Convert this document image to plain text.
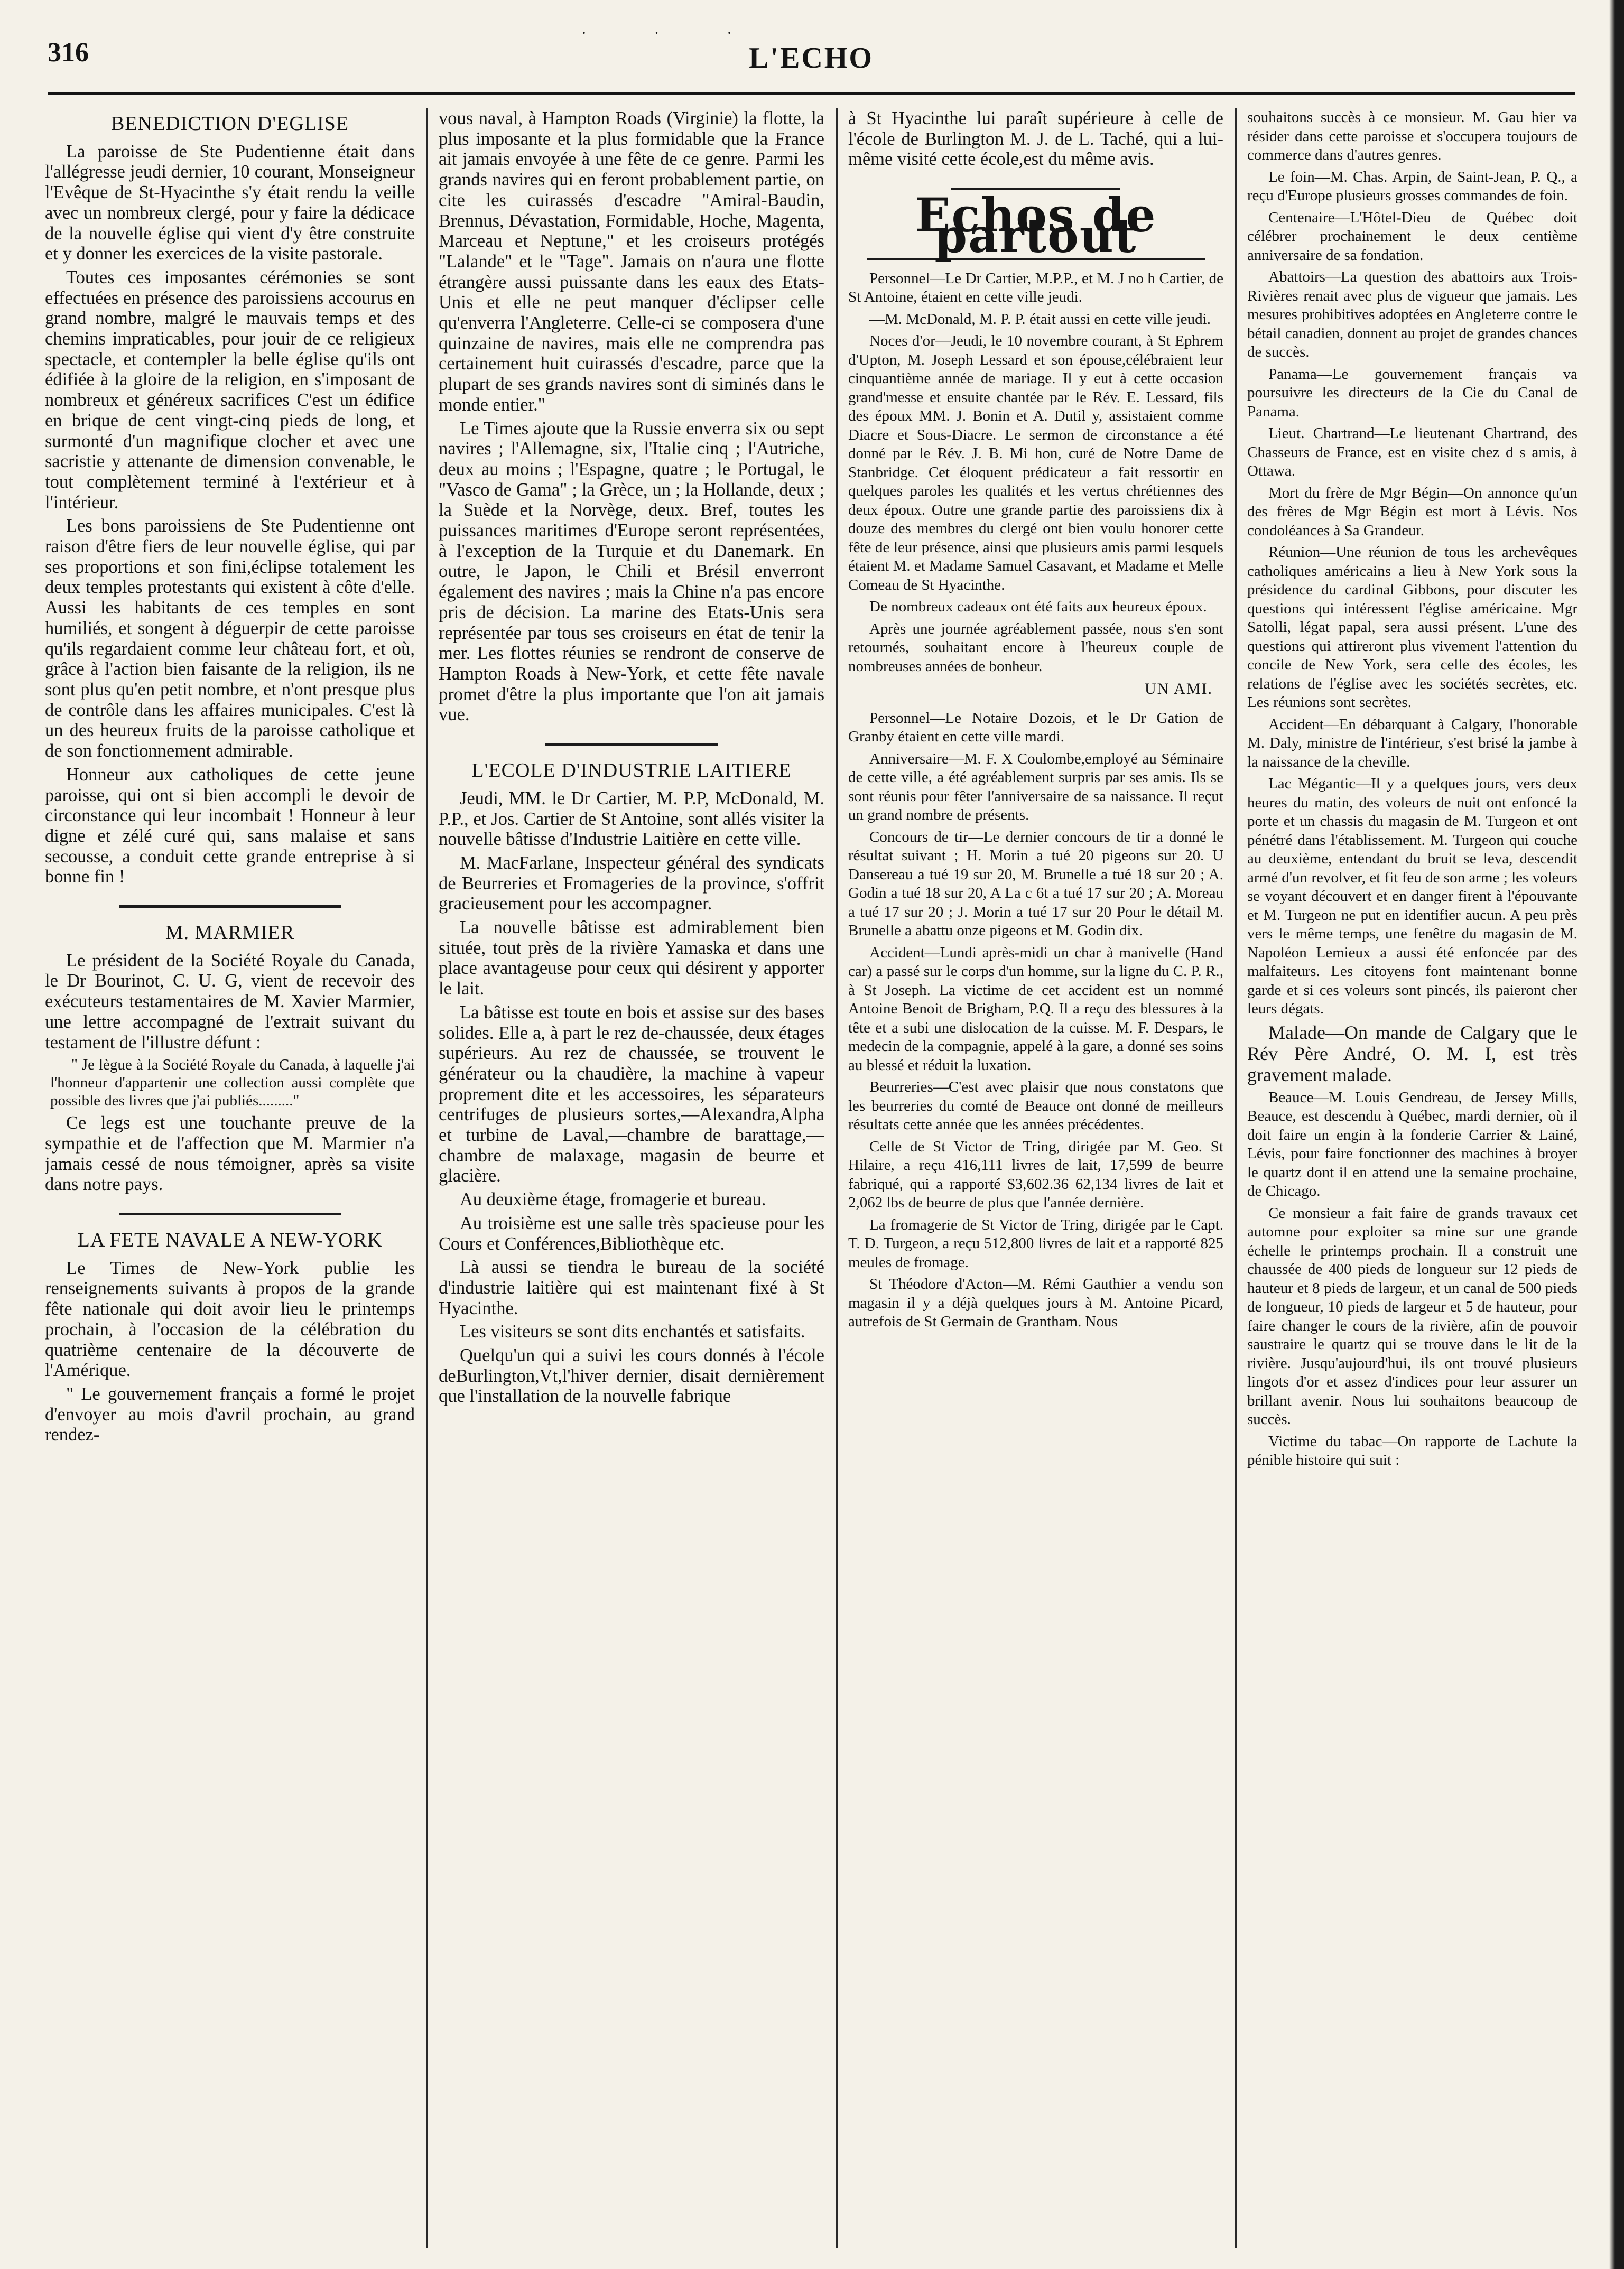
· · ·
316	L'ECHO
BENEDICTION D'EGLISE

La paroisse de Ste Pudentienne était dans l'allégresse jeudi dernier, 10 courant, Monseigneur l'Evêque de St-Hyacinthe s'y était rendu la veille avec un nombreux clergé, pour y faire la dédicace de la nouvelle église qui vient d'y être construite et y donner les exercices de la visite pastorale.

Toutes ces imposantes cérémonies se sont effectuées en présence des paroissiens accourus en grand nombre, malgré le mauvais temps et des chemins impraticables, pour jouir de ce religieux spectacle, et contempler la belle église qu'ils ont édifiée à la gloire de la religion, en s'imposant de nombreux et généreux sacrifices C'est un édifice en brique de cent vingt-cinq pieds de long, et surmonté d'un magnifique clocher et avec une sacristie y attenante de dimension convenable, le tout complètement terminé à l'extérieur et à l'intérieur.

Les bons paroissiens de Ste Pudentienne ont raison d'être fiers de leur nouvelle église, qui par ses proportions et son fini,éclipse totalement les deux temples protestants qui existent à côte d'elle. Aussi les habitants de ces temples en sont humiliés, et songent à déguerpir de cette paroisse qu'ils regardaient comme leur château fort, et où, grâce à l'action bien faisante de la religion, ils ne sont plus qu'en petit nombre, et n'ont presque plus de contrôle dans les affaires municipales. C'est là un des heureux fruits de la paroisse catholique et de son fonctionnement admirable.

Honneur aux catholiques de cette jeune paroisse, qui ont si bien accompli le devoir de circonstance qui leur incombait ! Honneur à leur digne et zélé curé qui, sans malaise et sans secousse, a conduit cette grande entreprise à si bonne fin !

M. MARMIER

Le président de la Société Royale du Canada, le Dr Bourinot, C. U. G, vient de recevoir des exécuteurs testamentaires de M. Xavier Marmier, une lettre accompagné de l'extrait suivant du testament de l'illustre défunt :

" Je lègue à la Société Royale du Canada, à laquelle j'ai l'honneur d'appartenir une collection aussi complète que possible des livres que j'ai publiés........."

Ce legs est une touchante preuve de la sympathie et de l'affection que M. Marmier n'a jamais cessé de nous témoigner, après sa visite dans notre pays.

LA FETE NAVALE A NEW-YORK

Le Times de New-York publie les renseignements suivants à propos de la grande fête nationale qui doit avoir lieu le printemps prochain, à l'occasion de la célébration du quatrième centenaire de la découverte de l'Amérique.

" Le gouvernement français a formé le projet d'envoyer au mois d'avril prochain, au grand rendez-

vous naval, à Hampton Roads (Virginie) la flotte, la plus imposante et la plus formidable que la France ait jamais envoyée à une fête de ce genre. Parmi les grands navires qui en feront probablement partie, on cite les cuirassés d'escadre "Amiral-Baudin, Brennus, Dévastation, Formidable, Hoche, Magenta, Marceau et Neptune," et les croiseurs protégés "Lalande" et le "Tage". Jamais on n'aura une flotte étrangère aussi puissante dans les eaux des Etats-Unis et elle ne peut manquer d'éclipser celle qu'enverra l'Angleterre. Celle-ci se composera d'une quinzaine de navires, mais elle ne comprendra pas certainement huit cuirassés d'escadre, parce que la plupart de ses grands navires sont di siminés dans le monde entier."

Le Times ajoute que la Russie enverra six ou sept navires ; l'Allemagne, six, l'Italie cinq ; l'Autriche, deux au moins ; l'Espagne, quatre ; le Portugal, le "Vasco de Gama" ; la Grèce, un ; la Hollande, deux ; la Suède et la Norvège, deux. Bref, toutes les puissances maritimes d'Europe seront représentées, à l'exception de la Turquie et du Danemark. En outre, le Japon, le Chili et Brésil enverront également des navires ; mais la Chine n'a pas encore pris de décision. La marine des Etats-Unis sera représentée par tous ses croiseurs en état de tenir la mer. Les flottes réunies se rendront de conserve de Hampton Roads à New-York, et cette fête navale promet d'être la plus importante que l'on ait jamais vue.

L'ECOLE D'INDUSTRIE LAITIERE

Jeudi, MM. le Dr Cartier, M. P.P, McDonald, M. P.P., et Jos. Cartier de St Antoine, sont allés visiter la nouvelle bâtisse d'Industrie Laitière en cette ville.

M. MacFarlane, Inspecteur général des syndicats de Beurreries et Fromageries de la province, s'offrit gracieusement pour les accompagner.

La nouvelle bâtisse est admirablement bien située, tout près de la rivière Yamaska et dans une place avantageuse pour ceux qui désirent y apporter le lait.

La bâtisse est toute en bois et assise sur des bases solides. Elle a, à part le rez de-chaussée, deux étages supérieurs. Au rez de chaussée, se trouvent le générateur ou la chaudière, la machine à vapeur proprement dite et les accessoires, les séparateurs centrifuges de plusieurs sortes,—Alexandra,Alpha et turbine de Laval,—chambre de barattage,—chambre de malaxage, magasin de beurre et glacière.

Au deuxième étage, fromagerie et bureau.

Au troisième est une salle très spacieuse pour les Cours et Conférences,Bibliothèque etc.

Là aussi se tiendra le bureau de la société d'industrie laitière qui est maintenant fixé à St Hyacinthe.

Les visiteurs se sont dits enchantés et satisfaits.

Quelqu'un qui a suivi les cours donnés à l'école deBurlington,Vt,l'hiver dernier, disait dernièrement que l'installation de la nouvelle fabrique

à St Hyacinthe lui paraît supérieure à celle de l'école de Burlington M. J. de L. Taché, qui a lui-même visité cette école,est du même avis.

Echos de partout

Personnel—Le Dr Cartier, M.P.P., et M. J no h Cartier, de St Antoine, étaient en cette ville jeudi.

—M. McDonald, M. P. P. était aussi en cette ville jeudi.

Noces d'or—Jeudi, le 10 novembre courant, à St Ephrem d'Upton, M. Joseph Lessard et son épouse,célébraient leur cinquantième année de mariage. Il y eut à cette occasion grand'messe et ensuite chantée par le Rév. E. Lessard, fils des époux MM. J. Bonin et A. Dutil y, assistaient comme Diacre et Sous-Diacre. Le sermon de circonstance a été donné par le Rév. J. B. Mi hon, curé de Notre Dame de Stanbridge. Cet éloquent prédicateur a fait ressortir en quelques paroles les qualités et les vertus chrétiennes des deux époux. Outre une grande partie des paroissiens dix à douze des membres du clergé ont bien voulu honorer cette fête de leur présence, ainsi que plusieurs amis parmi lesquels étaient M. et Madame Samuel Casavant, et Madame et Melle Comeau de St Hyacinthe.

De nombreux cadeaux ont été faits aux heureux époux.

Après une journée agréablement passée, nous s'en sont retournés, souhaitant encore à l'heureux couple de nombreuses années de bonheur.

UN AMI.

Personnel—Le Notaire Dozois, et le Dr Gation de Granby étaient en cette ville mardi.

Anniversaire—M. F. X Coulombe,employé au Séminaire de cette ville, a été agréablement surpris par ses amis. Ils se sont réunis pour fêter l'anniversaire de sa naissance. Il reçut un grand nombre de présents.

Concours de tir—Le dernier concours de tir a donné le résultat suivant ; H. Morin a tué 20 pigeons sur 20. U Dansereau a tué 19 sur 20, M. Brunelle a tué 18 sur 20 ; A. Godin a tué 18 sur 20, A La c 6t a tué 17 sur 20 ; A. Moreau a tué 17 sur 20 ; J. Morin a tué 17 sur 20 Pour le détail M. Brunelle a abattu onze pigeons et M. Godin dix.

Accident—Lundi après-midi un char à manivelle (Hand car) a passé sur le corps d'un homme, sur la ligne du C. P. R., à St Joseph. La victime de cet accident est un nommé Antoine Benoit de Brigham, P.Q. Il a reçu des blessures à la tête et a subi une dislocation de la cuisse. M. F. Despars, le medecin de la compagnie, appelé à la gare, a donné ses soins au blessé et réduit la luxation.

Beurreries—C'est avec plaisir que nous constatons que les beurreries du comté de Beauce ont donné de meilleurs résultats cette année que les années précédentes.

Celle de St Victor de Tring, dirigée par M. Geo. St Hilaire, a reçu 416,111 livres de lait, 17,599 de beurre fabriqué, qui a rapporté $3,602.36 62,134 livres de lait et 2,062 lbs de beurre de plus que l'année dernière.

La fromagerie de St Victor de Tring, dirigée par le Capt. T. D. Turgeon, a reçu 512,800 livres de lait et a rapporté 825 meules de fromage.

St Théodore d'Acton—M. Rémi Gauthier a vendu son magasin il y a déjà quelques jours à M. Antoine Picard, autrefois de St Germain de Grantham. Nous

souhaitons succès à ce monsieur. M. Gau hier va résider dans cette paroisse et s'occupera toujours de commerce dans d'autres genres.

Le foin—M. Chas. Arpin, de Saint-Jean, P. Q., a reçu d'Europe plusieurs grosses commandes de foin.

Centenaire—L'Hôtel-Dieu de Québec doit célébrer prochainement le deux centième anniversaire de sa fondation.

Abattoirs—La question des abattoirs aux Trois-Rivières renait avec plus de vigueur que jamais. Les mesures prohibitives adoptées en Angleterre contre le bétail canadien, donnent au projet de grandes chances de succès.

Panama—Le gouvernement français va poursuivre les directeurs de la Cie du Canal de Panama.

Lieut. Chartrand—Le lieutenant Chartrand, des Chasseurs de France, est en visite chez d s amis, à Ottawa.

Mort du frère de Mgr Bégin—On annonce qu'un des frères de Mgr Bégin est mort à Lévis. Nos condoléances à Sa Grandeur.

Réunion—Une réunion de tous les archevêques catholiques américains a lieu à New York sous la présidence du cardinal Gibbons, pour discuter les questions qui intéressent l'église américaine. Mgr Satolli, légat papal, sera aussi présent. L'une des questions qui attireront plus vivement l'attention du concile de New York, sera celle des écoles, les relations de l'église avec les sociétés secrètes, etc. Les réunions sont secrètes.

Accident—En débarquant à Calgary, l'honorable M. Daly, ministre de l'intérieur, s'est brisé la jambe à la naissance de la cheville.

Lac Mégantic—Il y a quelques jours, vers deux heures du matin, des voleurs de nuit ont enfoncé la porte et un chassis du magasin de M. Turgeon et ont pénétré dans l'établissement. M. Turgeon qui couche au deuxième, entendant du bruit se leva, descendit armé d'un revolver, et fit feu de son arme ; les voleurs se voyant découvert et en danger firent à l'épouvante et M. Turgeon ne put en identifier aucun. A peu près vers le même temps, une fenêtre du magasin de M. Napoléon Lemieux a aussi été enfoncée par des malfaiteurs. Les citoyens font maintenant bonne garde et si ces voleurs sont pincés, ils paieront cher leurs dégats.

Malade—On mande de Calgary que le Rév Père André, O. M. I, est très gravement malade.

Beauce—M. Louis Gendreau, de Jersey Mills, Beauce, est descendu à Québec, mardi dernier, où il doit faire un engin à la fonderie Carrier & Lainé, Lévis, pour faire fonctionner des machines à broyer le quartz dont il en attend une la semaine prochaine, de Chicago.

Ce monsieur a fait faire de grands travaux cet automne pour exploiter sa mine sur une grande échelle le printemps prochain. Il a construit une chaussée de 400 pieds de longueur sur 12 pieds de hauteur et 8 pieds de largeur, et un canal de 500 pieds de longueur, 10 pieds de largeur et 5 de hauteur, pour faire changer le cours de la rivière, afin de pouvoir saustraire le quartz qui se trouve dans le lit de la rivière. Jusqu'aujourd'hui, ils ont trouvé plusieurs lingots d'or et assez d'indices pour leur assurer un brillant avenir. Nous lui souhaitons beaucoup de succès.

Victime du tabac—On rapporte de Lachute la pénible histoire qui suit :
